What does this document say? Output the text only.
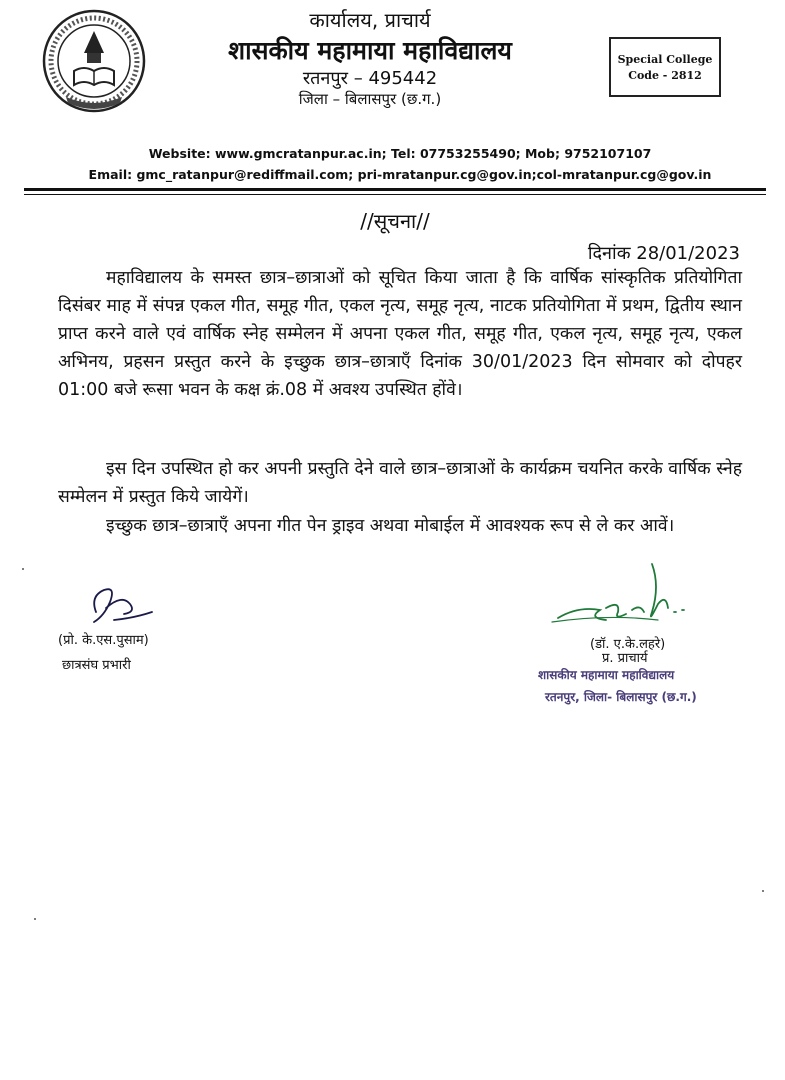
कार्यालय, प्राचार्य
शासकीय महामाया महाविद्यालय
रतनपुर – 495442
जिला – बिलासपुर (छ.ग.)
Special College
Code - 2812
Website: www.gmcratanpur.ac.in; Tel: 07753255490; Mob; 9752107107
Email: gmc_ratanpur@rediffmail.com; pri-mratanpur.cg@gov.in;col-mratanpur.cg@gov.in
//सूचना//
दिनांक 28/01/2023
महाविद्यालय के समस्त छात्र–छात्राओं को सूचित किया जाता है कि वार्षिक सांस्कृतिक प्रतियोगिता दिसंबर माह में संपन्न एकल गीत, समूह गीत, एकल नृत्य, समूह नृत्य, नाटक प्रतियोगिता में प्रथम, द्वितीय स्थान प्राप्त करने वाले एवं वार्षिक स्नेह सम्मेलन में अपना एकल गीत, समूह गीत, एकल नृत्य, समूह नृत्य, एकल अभिनय, प्रहसन प्रस्तुत करने के इच्छुक छात्र–छात्राएँ दिनांक 30/01/2023 दिन सोमवार को दोपहर 01:00 बजे रूसा भवन के कक्ष क्रं.08 में अवश्य उपस्थित होंवे।
इस दिन उपस्थित हो कर अपनी प्रस्तुति देने वाले छात्र–छात्राओं के कार्यक्रम चयनित करके वार्षिक स्नेह सम्मेलन में प्रस्तुत किये जायेगें।
इच्छुक छात्र–छात्राएँ अपना गीत पेन ड्राइव अथवा मोबाईल में आवश्यक रूप से ले कर आवें।
(प्रो. के.एस.पुसाम)
छात्रसंघ प्रभारी
(डॉ. ए.के.लहरे)
प्र. प्राचार्य
शासकीय महामाया महाविद्यालय
रतनपुर, जिला- बिलासपुर (छ.ग.)
